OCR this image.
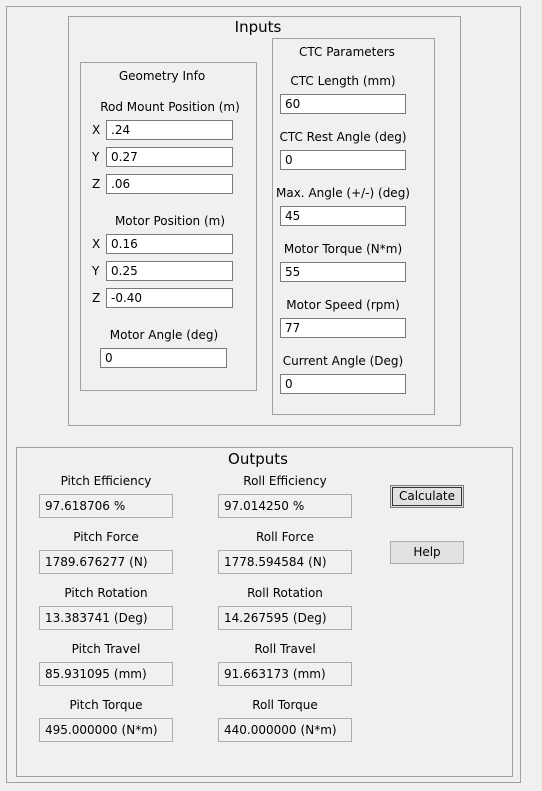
Inputs
Geometry Info
Rod Mount Position (m)
X .24
Y 0.27
Z .06
Motor Position (m)
X 0.16
Y 0.25
Z -0.40
Motor Angle (deg)
0
CTC Parameters
CTC Length (mm)
60
CTC Rest Angle (deg)
0
Max. Angle (+/-) (deg)
45
Motor Torque (N*m)
55
Motor Speed (rpm)
77
Current Angle (Deg)
0
Outputs
Pitch Efficiency
97.618706 %
Pitch Force
1789.676277 (N)
Pitch Rotation
13.383741 (Deg)
Pitch Travel
85.931095 (mm)
Pitch Torque
495.000000 (N*m)
Roll Efficiency
97.014250 %
Roll Force
1778.594584 (N)
Roll Rotation
14.267595 (Deg)
Roll Travel
91.663173 (mm)
Roll Torque
440.000000 (N*m)
Calculate
Help
